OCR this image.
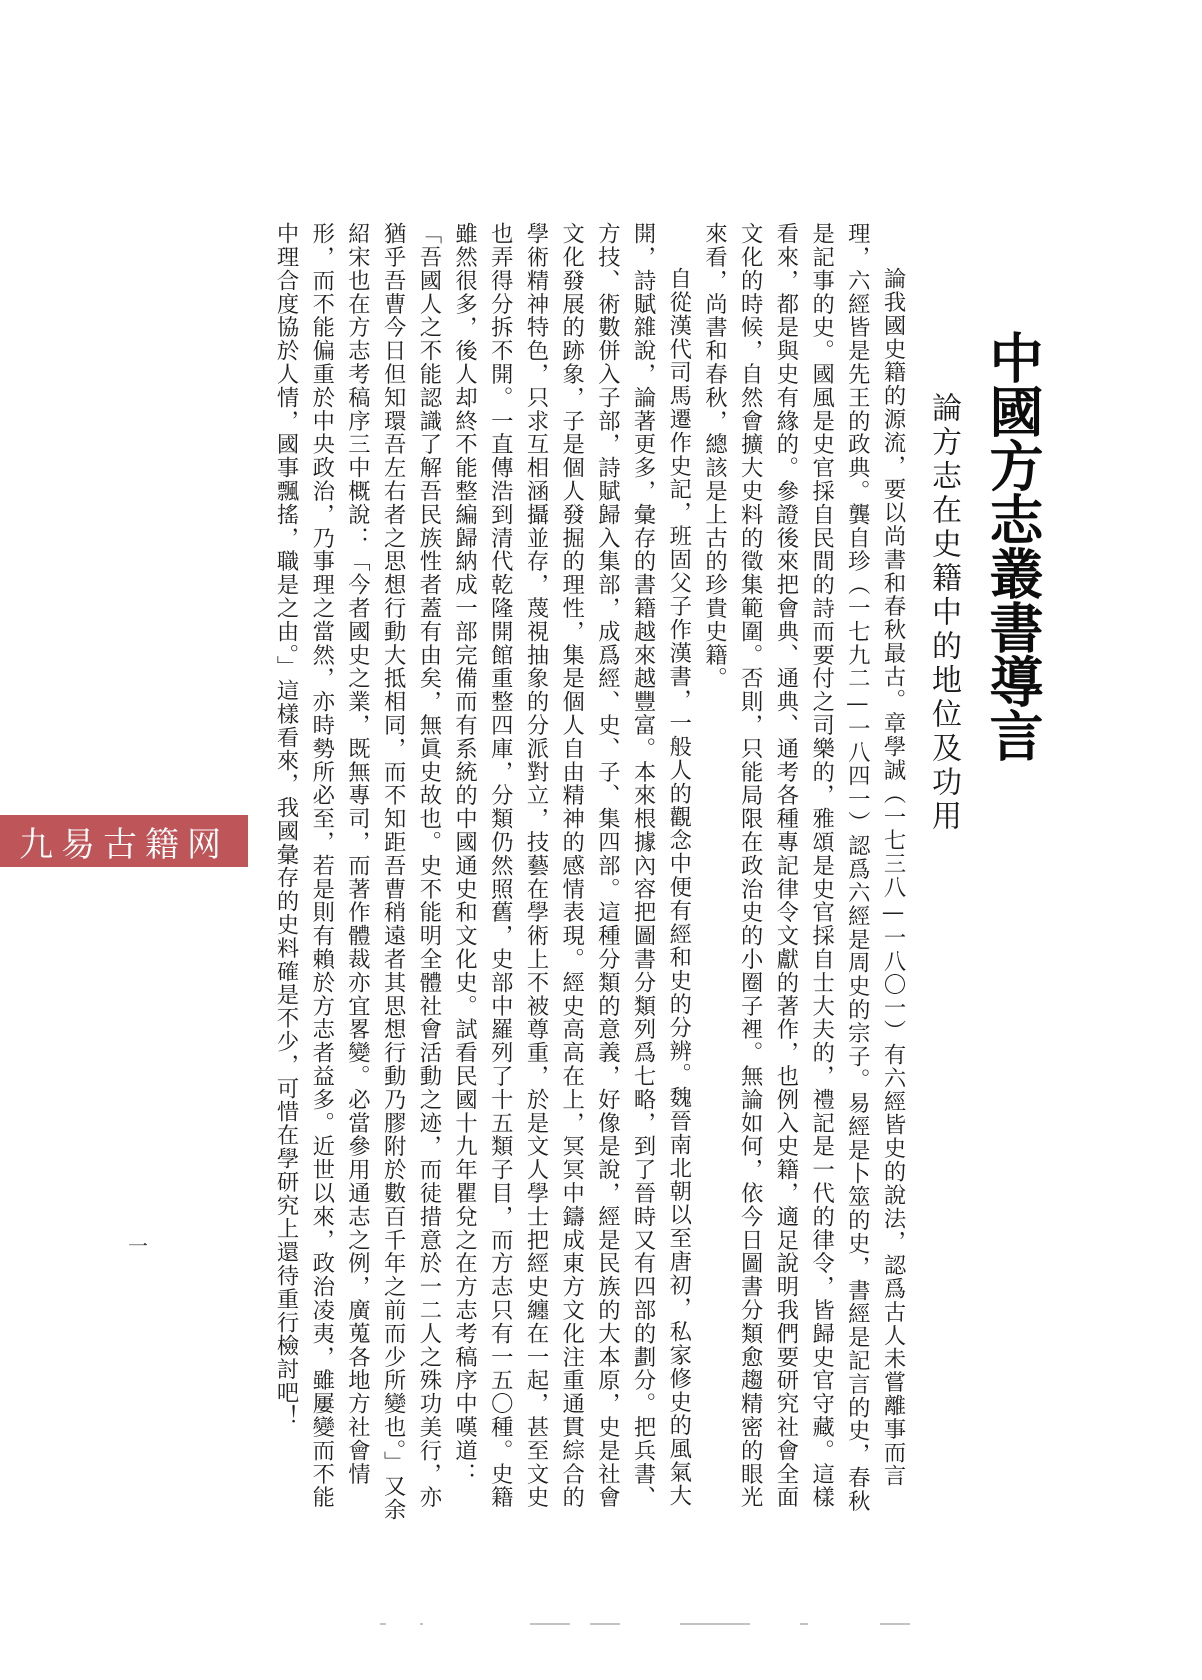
中國方志叢書導言
論方志在史籍中的地位及功用

論我國史籍的源流，要以尚書和春秋最古。章學誠（一七三八—一八〇一）有六經皆史的說法，認爲古人未嘗離事而言理，六經皆是先王的政典。龔自珍（一七九二—一八四一）認爲六經是周史的宗子。易經是卜筮的史，書經是記言的史，春秋是記事的史。國風是史官採自民間的詩而要付之司樂的，雅頌是史官採自士大夫的，禮記是一代的律令，皆歸史官守藏。這樣看來，都是與史有緣的。參證後來把會典、通典、通考各種專記律令文獻的著作，也例入史籍，適足說明我們要研究社會全面文化的時候，自然會擴大史料的徵集範圍。否則，只能局限在政治史的小圈子裡。無論如何，依今日圖書分類愈趨精密的眼光來看，尚書和春秋，總該是上古的珍貴史籍。

自從漢代司馬遷作史記，班固父子作漢書，一般人的觀念中便有經和史的分辨。魏晉南北朝以至唐初，私家修史的風氣大開，詩賦雜說，論著更多，彙存的書籍越來越豐富。本來根據內容把圖書分類列爲七略，到了晉時又有四部的劃分。把兵書、方技、術數併入子部，詩賦歸入集部，成爲經、史、子、集四部。這種分類的意義，好像是說，經是民族的大本原，史是社會文化發展的跡象，子是個人發掘的理性，集是個人自由精神的感情表現。經史高高在上，冥冥中鑄成東方文化注重通貫綜合的學術精神特色，只求互相涵攝並存，蔑視抽象的分派對立，技藝在學術上不被尊重，於是文人學士把經史纏在一起，甚至文史也弄得分拆不開。一直傳浩到清代乾隆開館重整四庫，分類仍然照舊，史部中羅列了十五類子目，而方志只有一五〇種。史籍雖然很多，後人却終不能整編歸納成一部完備而有系統的中國通史和文化史。試看民國十九年瞿兌之在方志考稿序中嘆道：「吾國人之不能認識了解吾民族性者蓋有由矣，無眞史故也。史不能明全體社會活動之迹，而徒措意於一二人之殊功美行，亦猶乎吾曹今日但知環吾左右者之思想行動大抵相同，而不知距吾曹稍遠者其思想行動乃膠附於數百千年之前而少所變也。」又余紹宋也在方志考稿序三中概說：「今者國史之業，既無專司，而著作體裁亦宜畧變。必當參用通志之例，廣蒐各地方社會情形，而不能偏重於中央政治，乃事理之當然，亦時勢所必至，若是則有賴於方志者益多。近世以來，政治凌夷，雖屢變而不能中理合度協於人情，國事飄搖，職是之由。」這樣看來，我國彙存的史料確是不少，可惜在學研究上還待重行檢討吧！

一
九易古籍网
